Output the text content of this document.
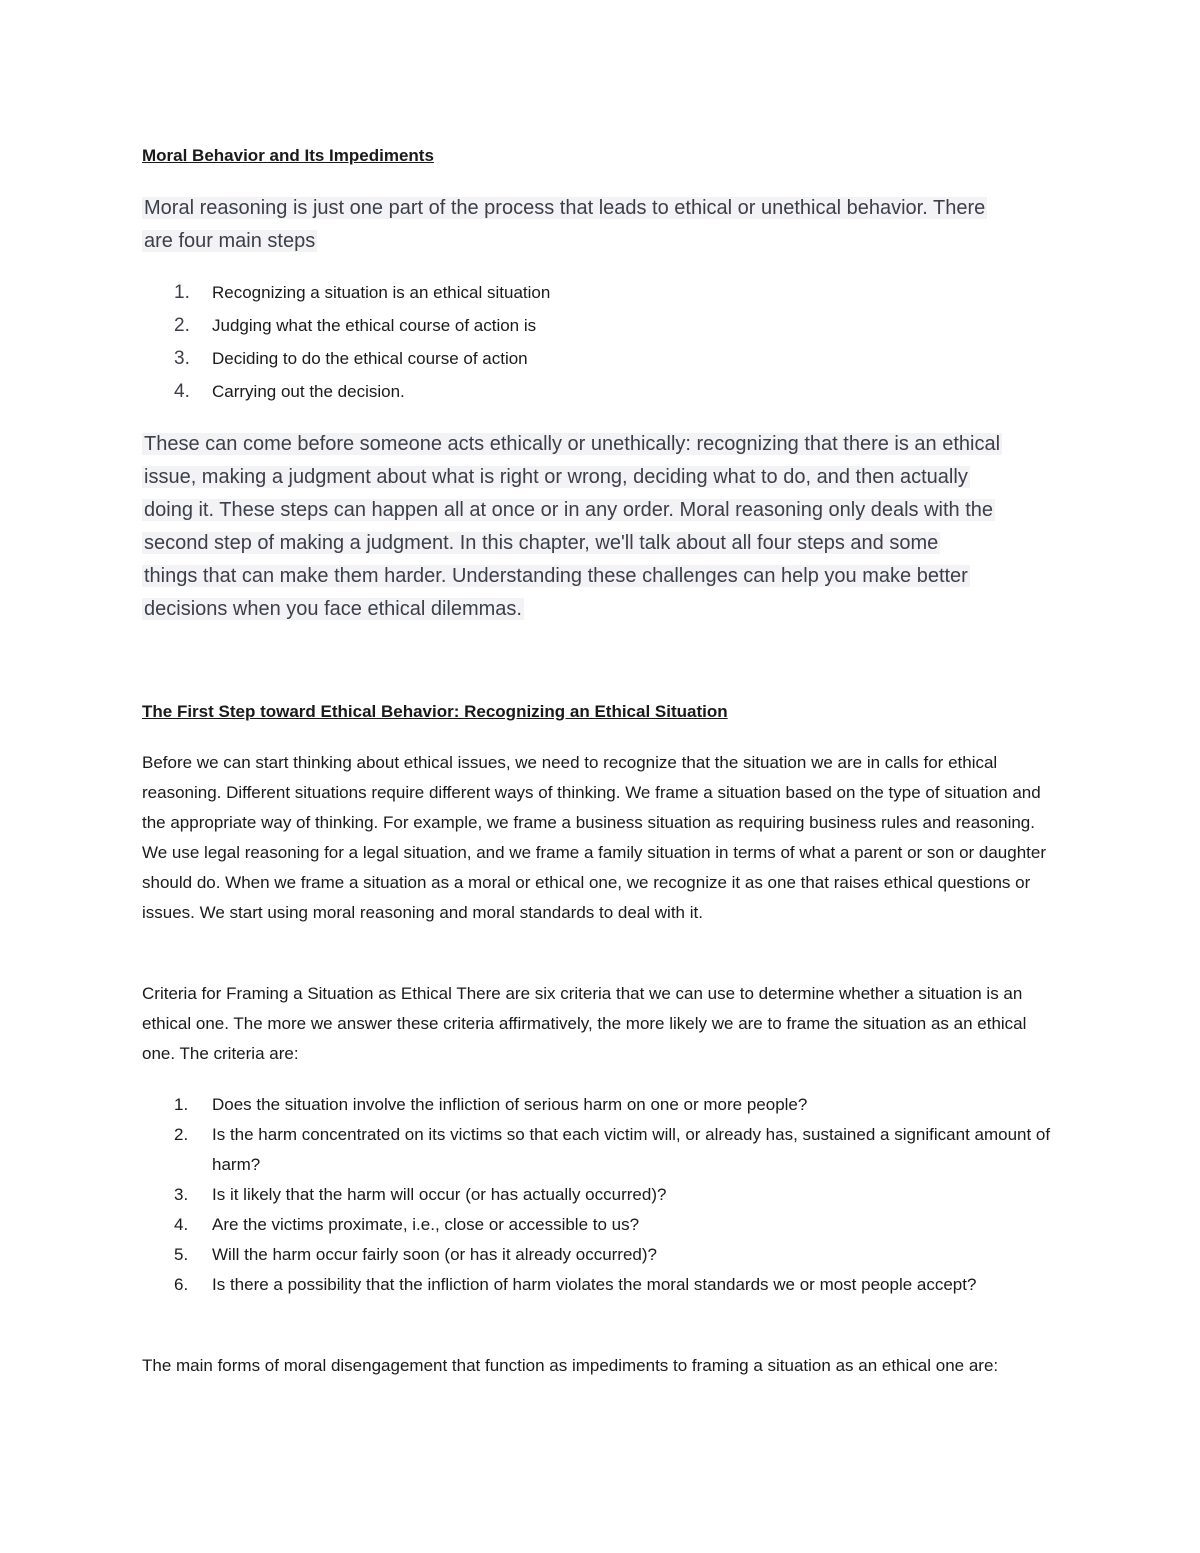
Moral Behavior and Its Impediments
Moral reasoning is just one part of the process that leads to ethical or unethical behavior. There
are four main steps
1. Recognizing a situation is an ethical situation
2. Judging what the ethical course of action is
3. Deciding to do the ethical course of action
4. Carrying out the decision.
These can come before someone acts ethically or unethically: recognizing that there is an ethical
issue, making a judgment about what is right or wrong, deciding what to do, and then actually
doing it. These steps can happen all at once or in any order. Moral reasoning only deals with the
second step of making a judgment. In this chapter, we'll talk about all four steps and some
things that can make them harder. Understanding these challenges can help you make better
decisions when you face ethical dilemmas.
The First Step toward Ethical Behavior: Recognizing an Ethical Situation

Before we can start thinking about ethical issues, we need to recognize that the situation we are in calls for ethical reasoning. Different situations require different ways of thinking. We frame a situation based on the type of situation and the appropriate way of thinking. For example, we frame a business situation as requiring business rules and reasoning. We use legal reasoning for a legal situation, and we frame a family situation in terms of what a parent or son or daughter should do. When we frame a situation as a moral or ethical one, we recognize it as one that raises ethical questions or issues. We start using moral reasoning and moral standards to deal with it.

Criteria for Framing a Situation as Ethical There are six criteria that we can use to determine whether a situation is an ethical one. The more we answer these criteria affirmatively, the more likely we are to frame the situation as an ethical one. The criteria are:

1. Does the situation involve the infliction of serious harm on one or more people?
2. Is the harm concentrated on its victims so that each victim will, or already has, sustained a significant amount of harm?
3. Is it likely that the harm will occur (or has actually occurred)?
4. Are the victims proximate, i.e., close or accessible to us?
5. Will the harm occur fairly soon (or has it already occurred)?
6. Is there a possibility that the infliction of harm violates the moral standards we or most people accept?

The main forms of moral disengagement that function as impediments to framing a situation as an ethical one are:
